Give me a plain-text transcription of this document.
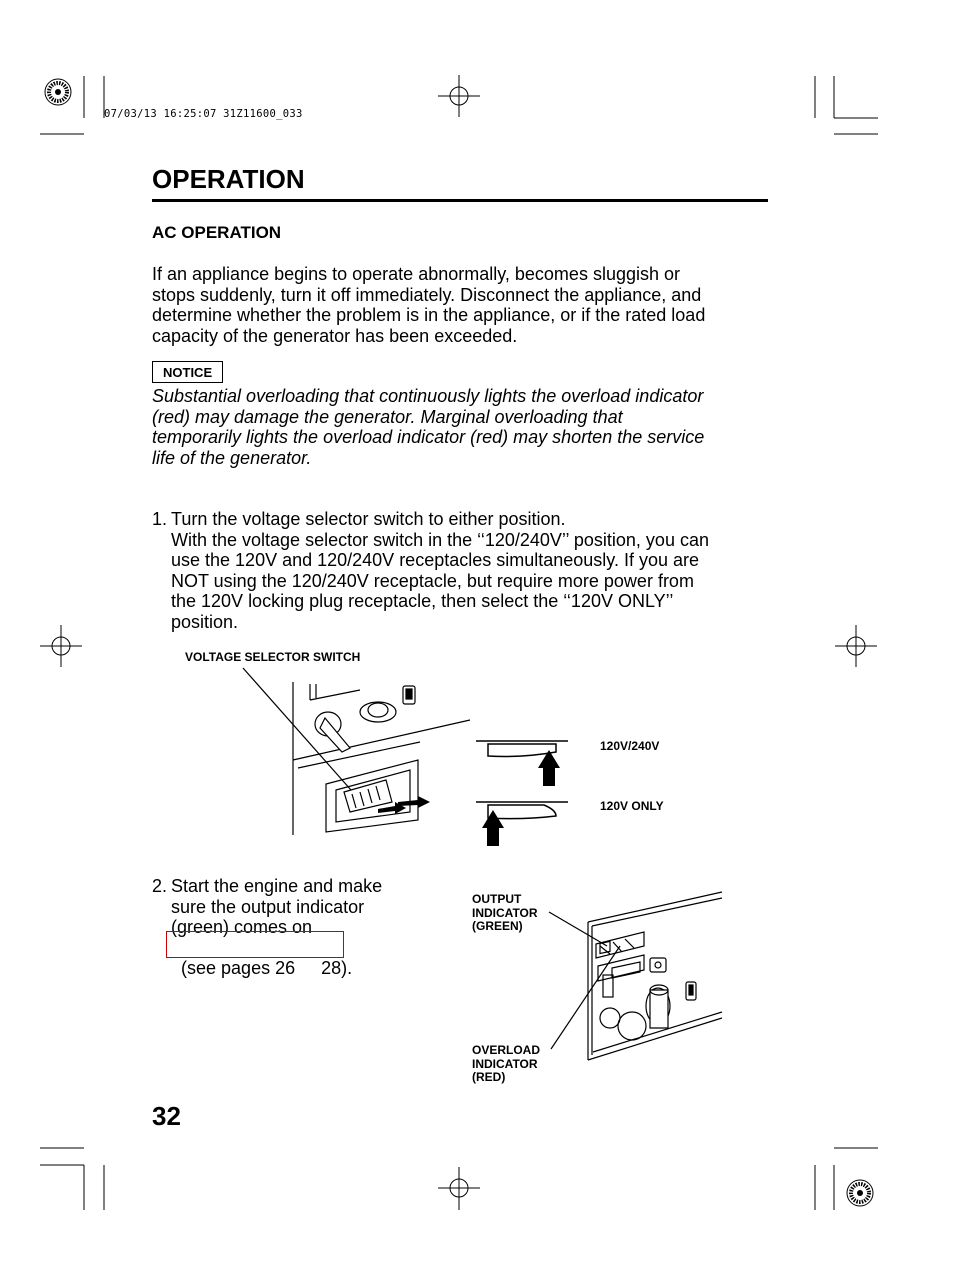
07/03/13 16:25:07 31Z11600_033
OPERATION
AC OPERATION
If an appliance begins to operate abnormally, becomes sluggish or
stops suddenly, turn it off immediately. Disconnect the appliance, and
determine whether the problem is in the appliance, or if the rated load
capacity of the generator has been exceeded.
NOTICE
Substantial overloading that continuously lights the overload indicator
(red) may damage the generator. Marginal overloading that
temporarily lights the overload indicator (red) may shorten the service
life of the generator.
1. Turn the voltage selector switch to either position.
With the voltage selector switch in the ‘‘120/240V’’ position, you can
use the 120V and 120/240V receptacles simultaneously. If you are
NOT using the 120/240V receptacle, but require more power from
the 120V locking plug receptacle, then select the ‘‘120V ONLY’’
position.
VOLTAGE SELECTOR SWITCH
120V/240V
120V ONLY
2. Start the engine and make
sure the output indicator
(green) comes on

(see pages 26 28).

OUTPUT
INDICATOR
(GREEN)
OVERLOAD
INDICATOR
(RED)
32
